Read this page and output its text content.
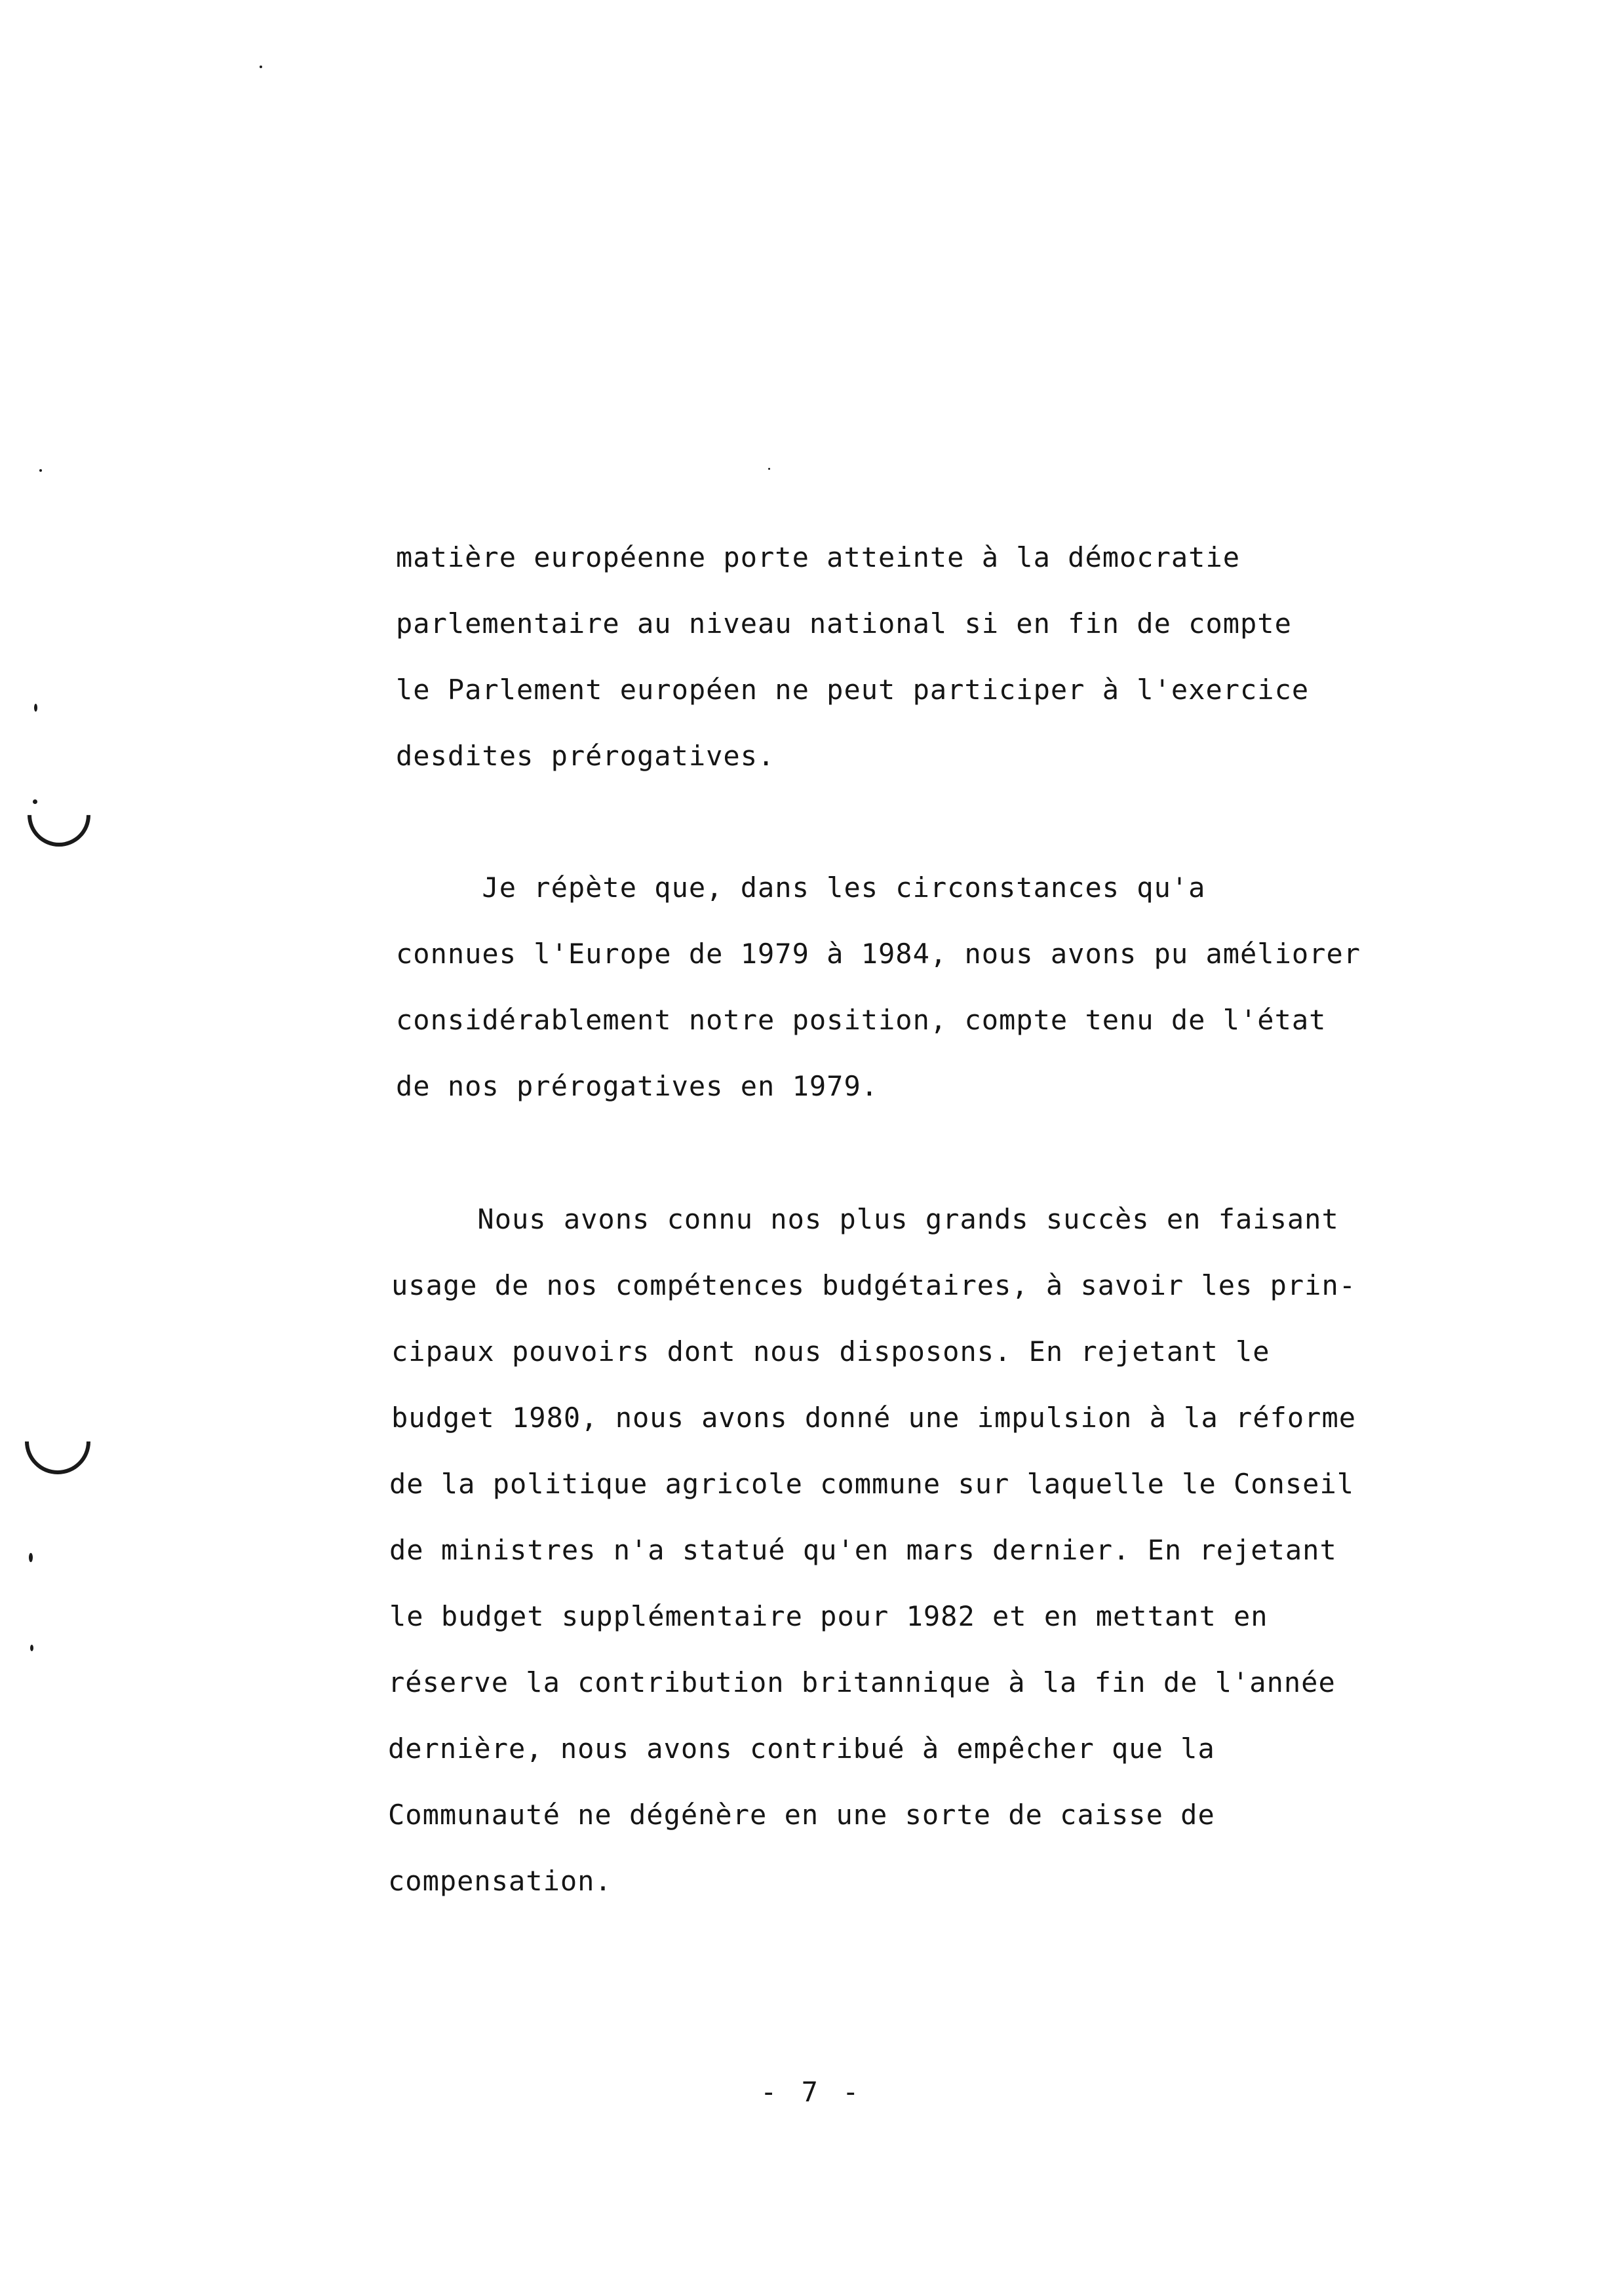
matière européenne porte atteinte à la démocratie
parlementaire au niveau national si en fin de compte
le Parlement européen ne peut participer à l'exercice
desdites prérogatives.
Je répète que, dans les circonstances qu'a
connues l'Europe de 1979 à 1984, nous avons pu améliorer
considérablement notre position, compte tenu de l'état
de nos prérogatives en 1979.
Nous avons connu nos plus grands succès en faisant
usage de nos compétences budgétaires, à savoir les prin-
cipaux pouvoirs dont nous disposons. En rejetant le
budget 1980, nous avons donné une impulsion à la réforme
de la politique agricole commune sur laquelle le Conseil
de ministres n'a statué qu'en mars dernier. En rejetant
le budget supplémentaire pour 1982 et en mettant en
réserve la contribution britannique à la fin de l'année
dernière, nous avons contribué à empêcher que la
Communauté ne dégénère en une sorte de caisse de
compensation.
- 7 -
